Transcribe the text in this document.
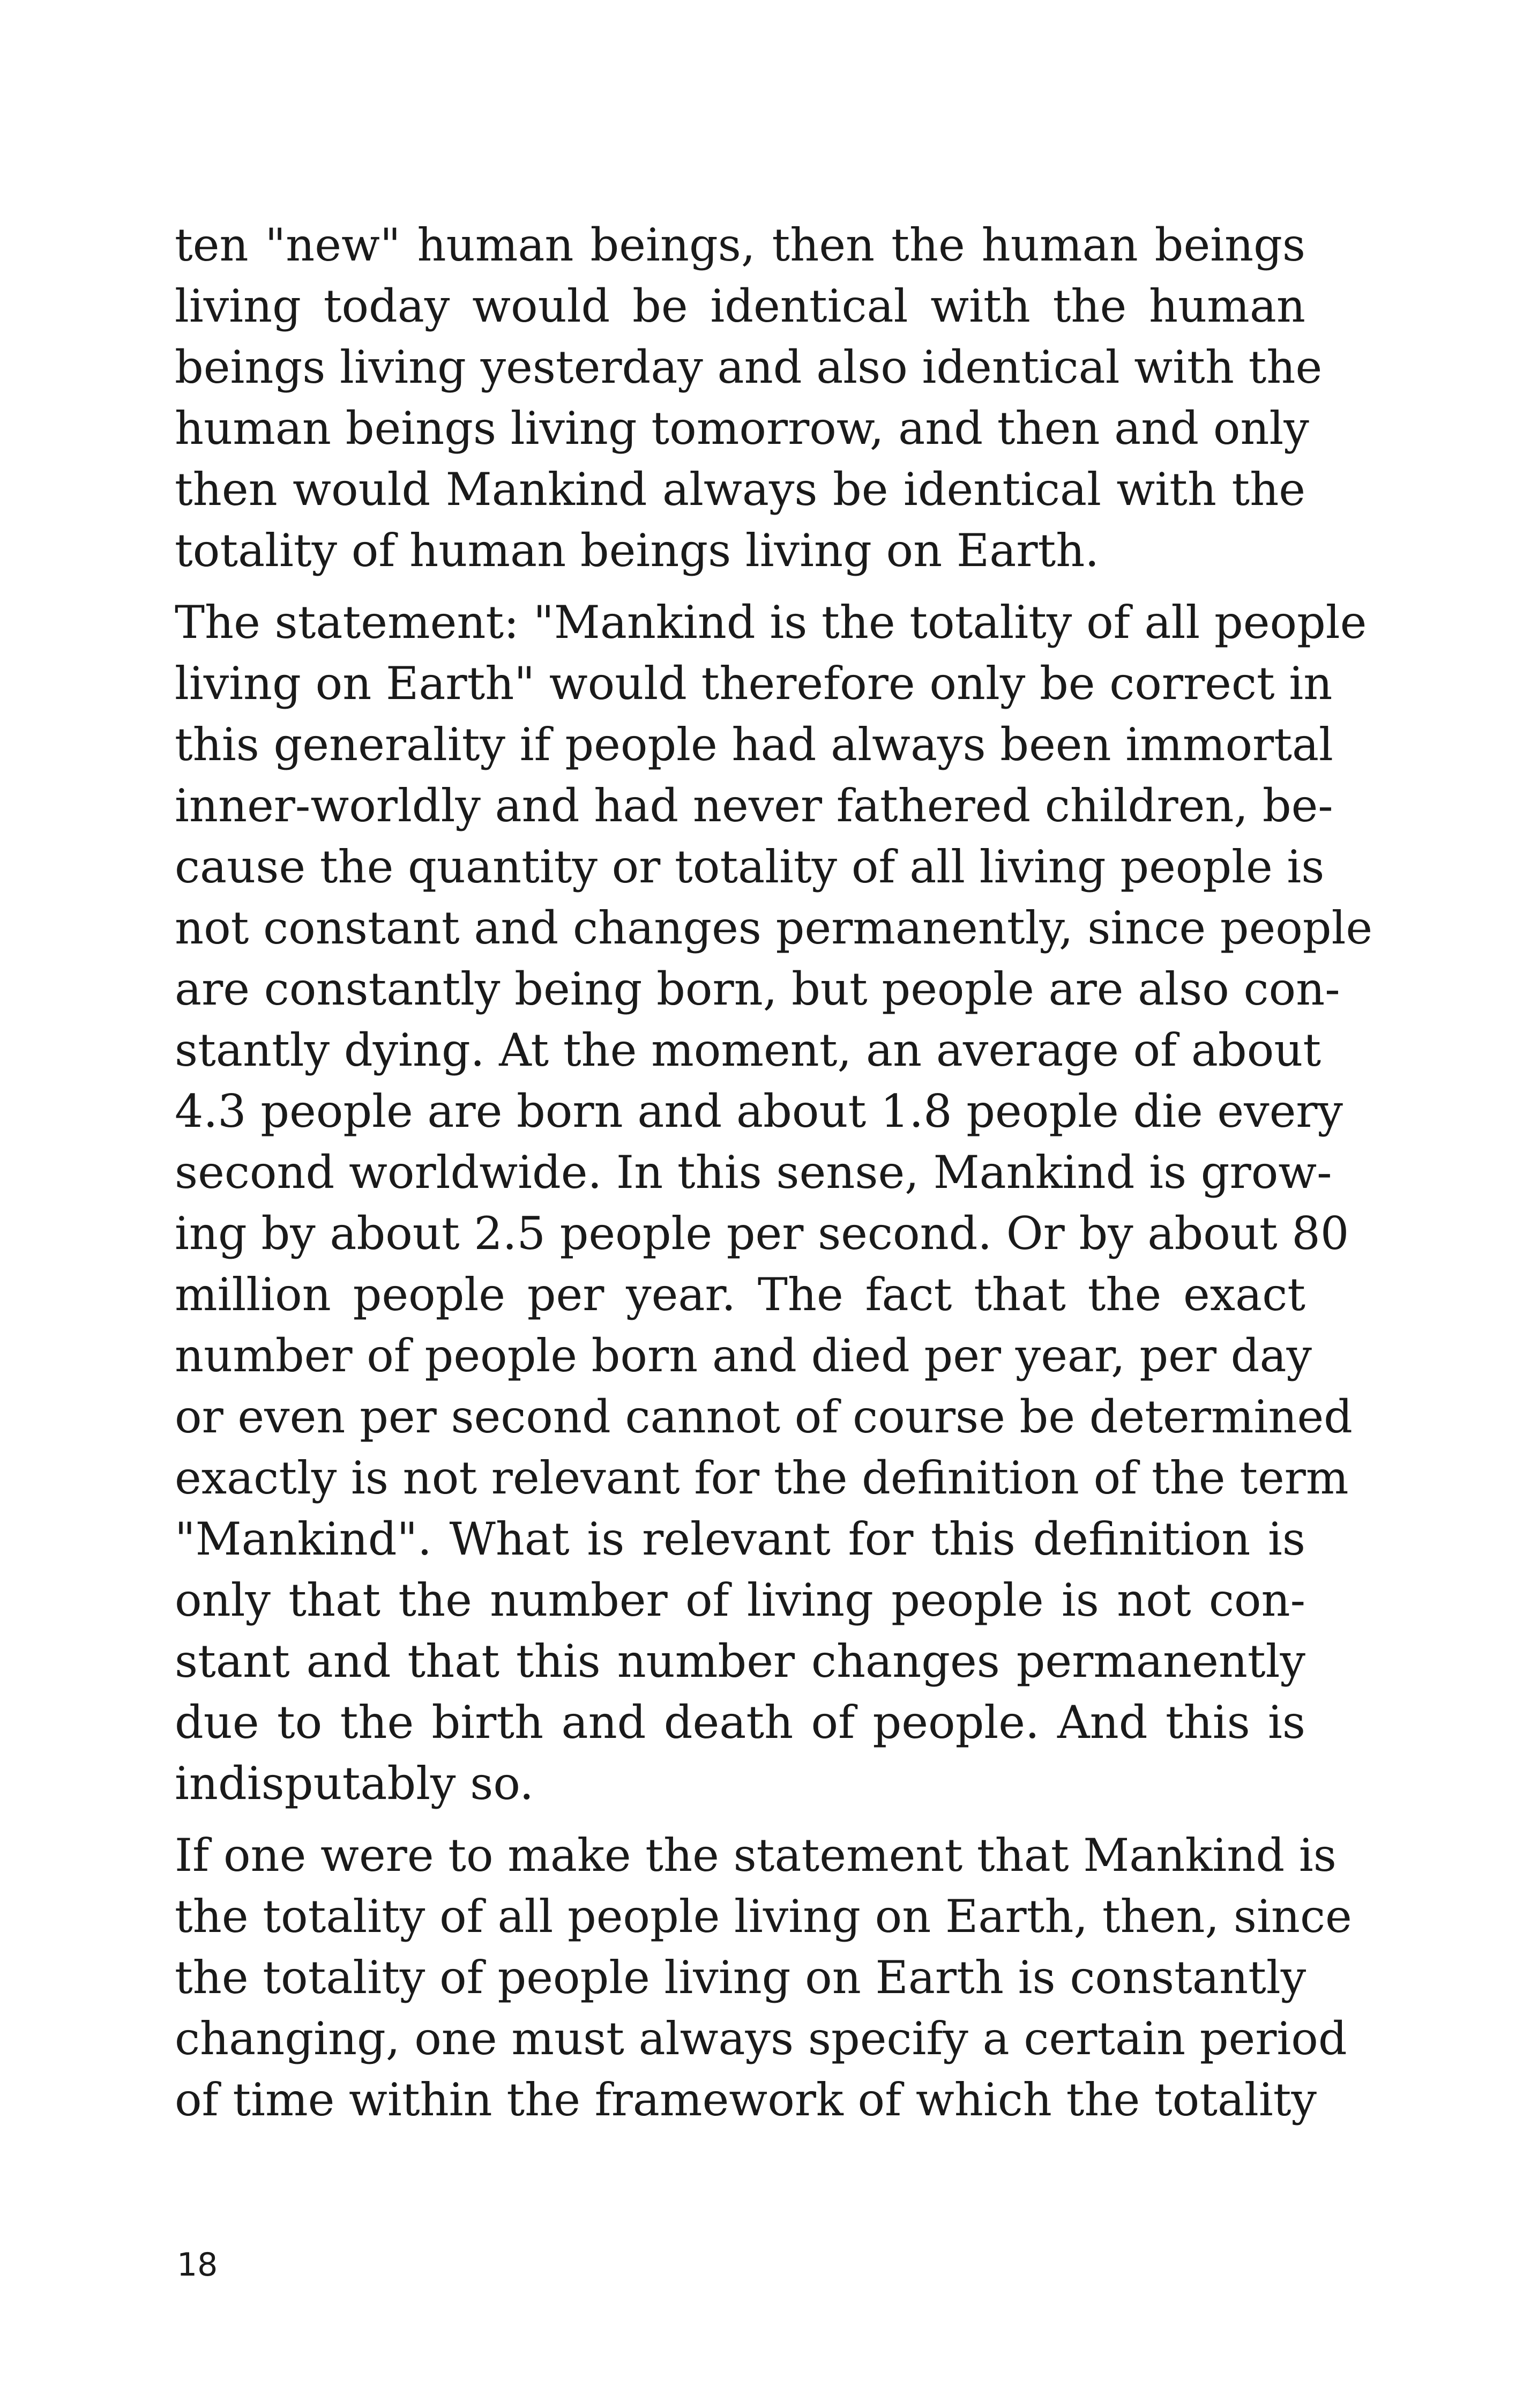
ten "new" human beings, then the human beings
living today would be identical with the human
beings living yesterday and also identical with the
human beings living tomorrow, and then and only
then would Mankind always be identical with the
totality of human beings living on Earth.

The statement: "Mankind is the totality of all people
living on Earth" would therefore only be correct in
this generality if people had always been immortal
inner-worldly and had never fathered children, be-
cause the quantity or totality of all living people is
not constant and changes permanently, since people
are constantly being born, but people are also con-
stantly dying. At the moment, an average of about
4.3 people are born and about 1.8 people die every
second worldwide. In this sense, Mankind is grow-
ing by about 2.5 people per second. Or by about 80
million people per year. The fact that the exact
number of people born and died per year, per day
or even per second cannot of course be determined
exactly is not relevant for the definition of the term
"Mankind". What is relevant for this definition is
only that the number of living people is not con-
stant and that this number changes permanently
due to the birth and death of people. And this is
indisputably so.

If one were to make the statement that Mankind is
the totality of all people living on Earth, then, since
the totality of people living on Earth is constantly
changing, one must always specify a certain period
of time within the framework of which the totality

18
